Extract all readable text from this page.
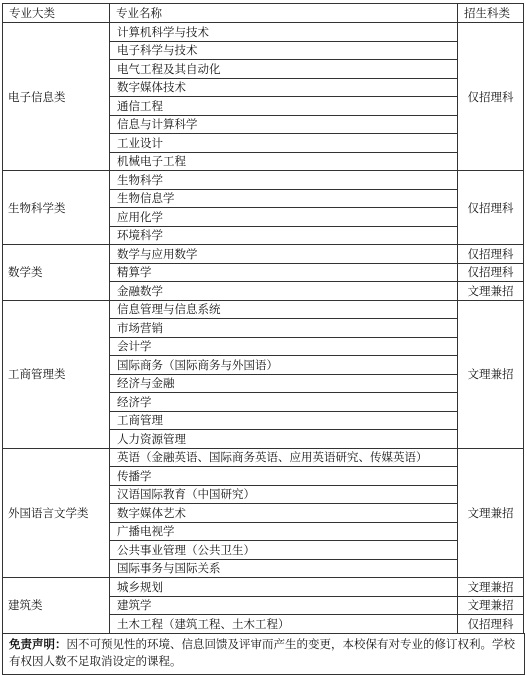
专业大类	专业名称	招生科类
电子信息类	计算机科学与技术	仅招理科
	电子科学与技术	
	电气工程及其自动化	
	数字媒体技术	
	通信工程	
	信息与计算科学	
	工业设计	
	机械电子工程	
生物科学类	生物科学	仅招理科
	生物信息学	
	应用化学	
	环境科学	
数学类	数学与应用数学	仅招理科
	精算学	仅招理科
	金融数学	文理兼招
工商管理类	信息管理与信息系统	文理兼招
	市场营销	
	会计学	
	国际商务（国际商务与外国语）	
	经济与金融	
	经济学	
	工商管理	
	人力资源管理	
外国语言文学类	英语（金融英语、国际商务英语、应用英语研究、传媒英语）	文理兼招
	传播学	
	汉语国际教育（中国研究）	
	数字媒体艺术	
	广播电视学	
	公共事业管理（公共卫生）	
	国际事务与国际关系	
建筑类	城乡规划	文理兼招
	建筑学	文理兼招
	土木工程（建筑工程、土木工程）	仅招理科
免责声明：因不可预见性的环境、信息回馈及评审而产生的变更，本校保有对专业的修订权利。学校有权因人数不足取消设定的课程。
